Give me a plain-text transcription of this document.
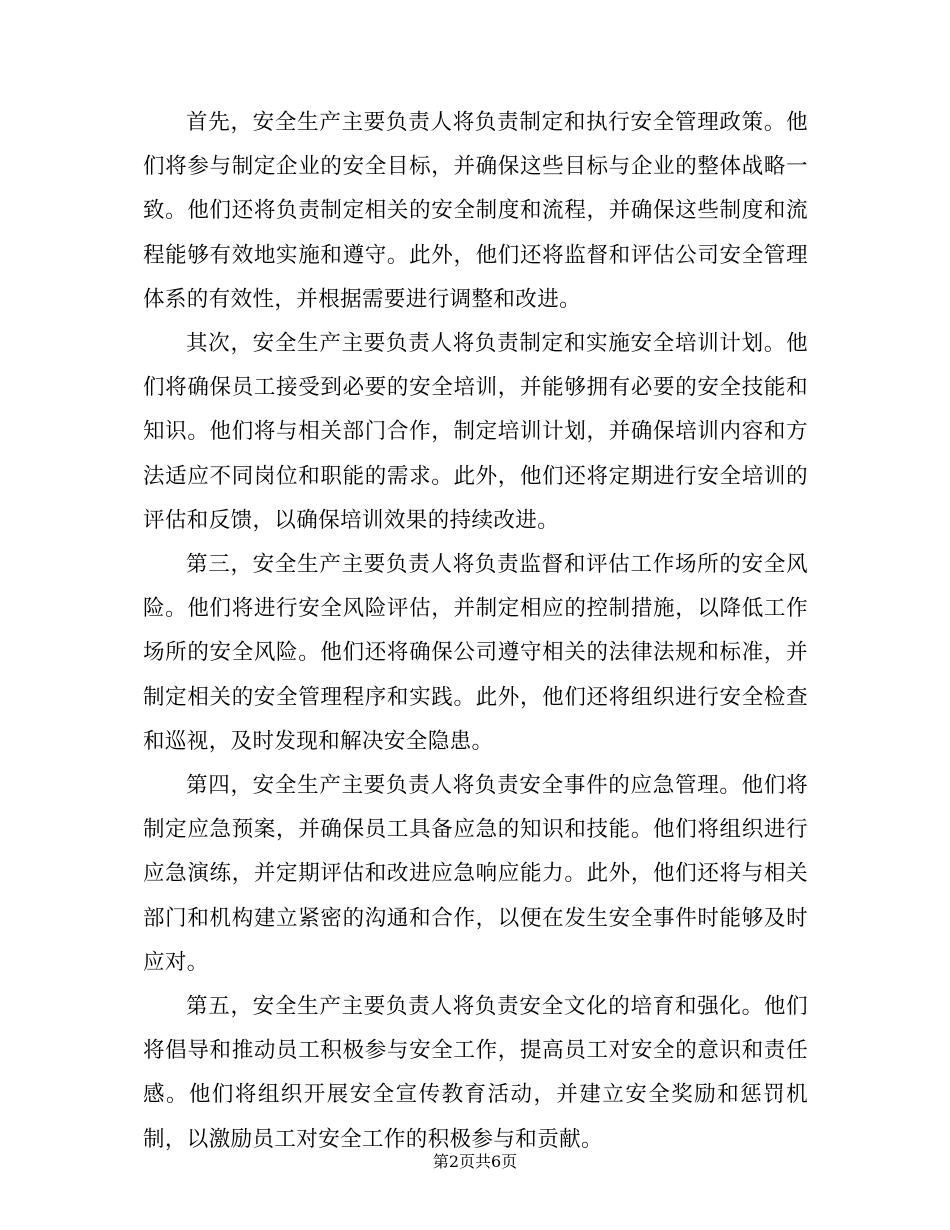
首先，安全生产主要负责人将负责制定和执行安全管理政策。他们将参与制定企业的安全目标，并确保这些目标与企业的整体战略一致。他们还将负责制定相关的安全制度和流程，并确保这些制度和流程能够有效地实施和遵守。此外，他们还将监督和评估公司安全管理体系的有效性，并根据需要进行调整和改进。

其次，安全生产主要负责人将负责制定和实施安全培训计划。他们将确保员工接受到必要的安全培训，并能够拥有必要的安全技能和知识。他们将与相关部门合作，制定培训计划，并确保培训内容和方法适应不同岗位和职能的需求。此外，他们还将定期进行安全培训的评估和反馈，以确保培训效果的持续改进。

第三，安全生产主要负责人将负责监督和评估工作场所的安全风险。他们将进行安全风险评估，并制定相应的控制措施，以降低工作场所的安全风险。他们还将确保公司遵守相关的法律法规和标准，并制定相关的安全管理程序和实践。此外，他们还将组织进行安全检查和巡视，及时发现和解决安全隐患。

第四，安全生产主要负责人将负责安全事件的应急管理。他们将制定应急预案，并确保员工具备应急的知识和技能。他们将组织进行应急演练，并定期评估和改进应急响应能力。此外，他们还将与相关部门和机构建立紧密的沟通和合作，以便在发生安全事件时能够及时应对。

第五，安全生产主要负责人将负责安全文化的培育和强化。他们将倡导和推动员工积极参与安全工作，提高员工对安全的意识和责任感。他们将组织开展安全宣传教育活动，并建立安全奖励和惩罚机制，以激励员工对安全工作的积极参与和贡献。

第2页共6页
